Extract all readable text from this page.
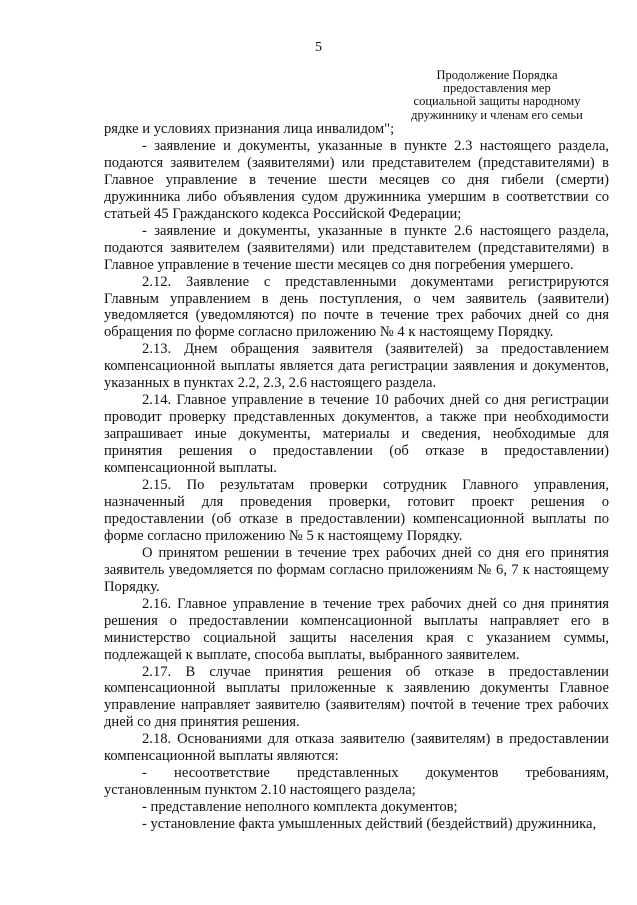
5
Продолжение Порядка
предоставления мер
социальной защиты народному
дружиннику и членам его семьи

рядке и условиях признания лица инвалидом";

- заявление и документы, указанные в пункте 2.3 настоящего раздела, подаются заявителем (заявителями) или представителем (представителями) в Главное управление в течение шести месяцев со дня гибели (смерти) дружинника либо объявления судом дружинника умершим в соответствии со статьей 45 Гражданского кодекса Российской Федерации;

- заявление и документы, указанные в пункте 2.6 настоящего раздела, подаются заявителем (заявителями) или представителем (представителями) в Главное управление в течение шести месяцев со дня погребения умершего.

2.12. Заявление с представленными документами регистрируются Главным управлением в день поступления, о чем заявитель (заявители) уведомляется (уведомляются) по почте в течение трех рабочих дней со дня обращения по форме согласно приложению № 4 к настоящему Порядку.

2.13. Днем обращения заявителя (заявителей) за предоставлением компенсационной выплаты является дата регистрации заявления и документов, указанных в пунктах 2.2, 2.3, 2.6 настоящего раздела.

2.14. Главное управление в течение 10 рабочих дней со дня регистрации проводит проверку представленных документов, а также при необходимости запрашивает иные документы, материалы и сведения, необходимые для принятия решения о предоставлении (об отказе в предоставлении) компенсационной выплаты.

2.15. По результатам проверки сотрудник Главного управления, назначенный для проведения проверки, готовит проект решения о предоставлении (об отказе в предоставлении) компенсационной выплаты по форме согласно приложению № 5 к настоящему Порядку.

О принятом решении в течение трех рабочих дней со дня его принятия заявитель уведомляется по формам согласно приложениям № 6, 7 к настоящему Порядку.

2.16. Главное управление в течение трех рабочих дней со дня принятия решения о предоставлении компенсационной выплаты направляет его в министерство социальной защиты населения края с указанием суммы, подлежащей к выплате, способа выплаты, выбранного заявителем.

2.17. В случае принятия решения об отказе в предоставлении компенсационной выплаты приложенные к заявлению документы Главное управление направляет заявителю (заявителям) почтой в течение трех рабочих дней со дня принятия решения.

2.18. Основаниями для отказа заявителю (заявителям) в предоставлении компенсационной выплаты являются:

- несоответствие представленных документов требованиям, установленным пунктом 2.10 настоящего раздела;

- представление неполного комплекта документов;

- установление факта умышленных действий (бездействий) дружинника,
